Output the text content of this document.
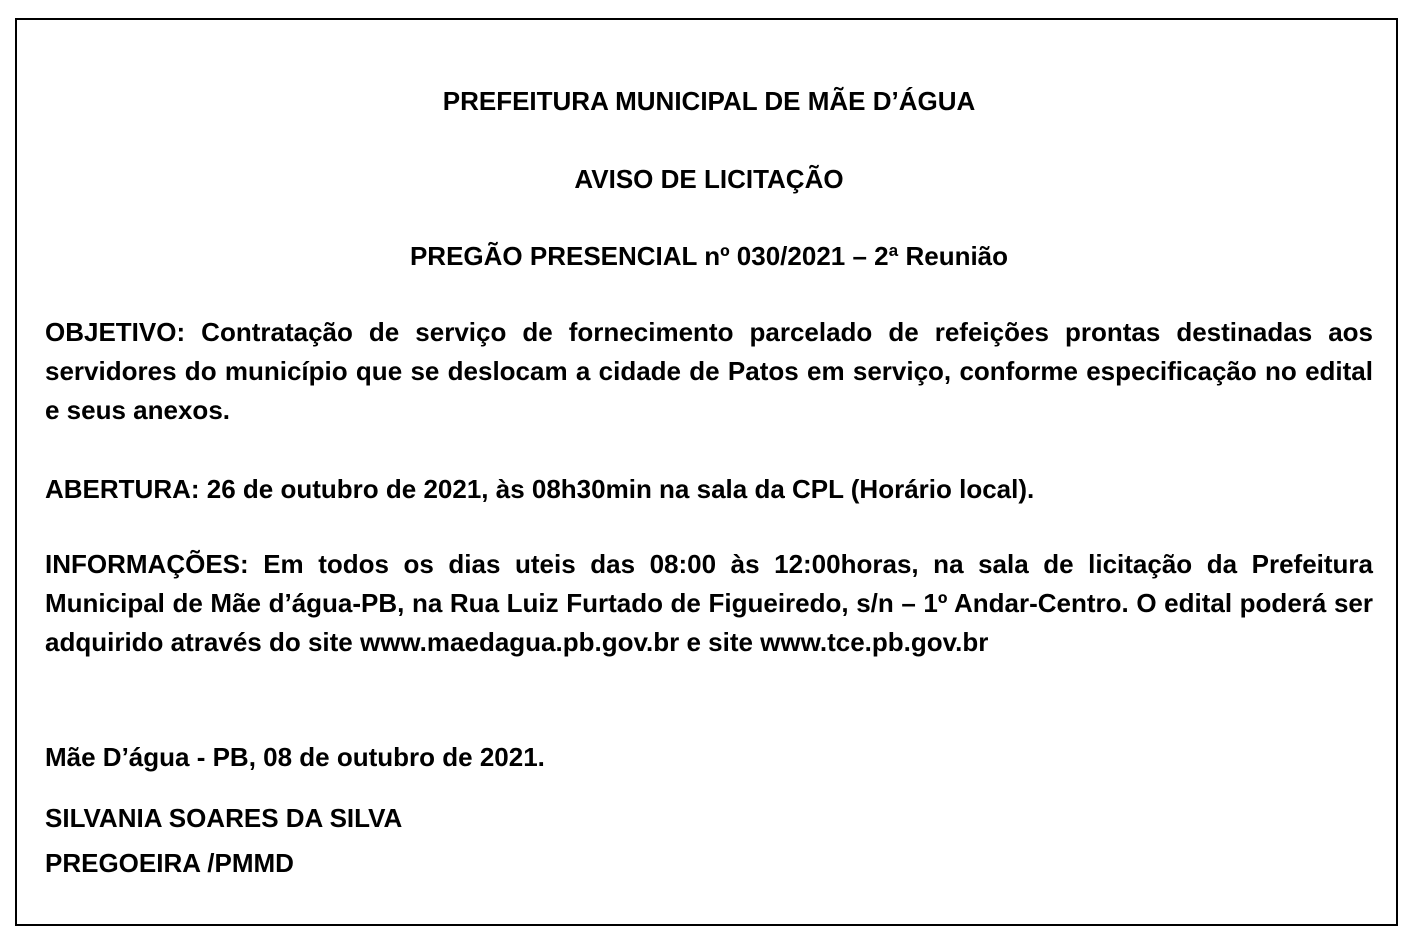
PREFEITURA MUNICIPAL DE MÃE D’ÁGUA
AVISO DE LICITAÇÃO
PREGÃO PRESENCIAL nº 030/2021 – 2ª Reunião
OBJETIVO: Contratação de serviço de fornecimento parcelado de refeições prontas destinadas aos servidores do município que se deslocam a cidade de Patos em serviço, conforme especificação no edital e seus anexos.
ABERTURA: 26 de outubro de 2021, às 08h30min na sala da CPL (Horário local).
INFORMAÇÕES: Em todos os dias uteis das 08:00 às 12:00horas, na sala de licitação da Prefeitura Municipal de Mãe d’água-PB, na Rua Luiz Furtado de Figueiredo, s/n – 1º Andar-Centro. O edital poderá ser adquirido através do site www.maedagua.pb.gov.br e site www.tce.pb.gov.br
Mãe D’água - PB, 08 de outubro de 2021.
SILVANIA SOARES DA SILVA
PREGOEIRA /PMMD
